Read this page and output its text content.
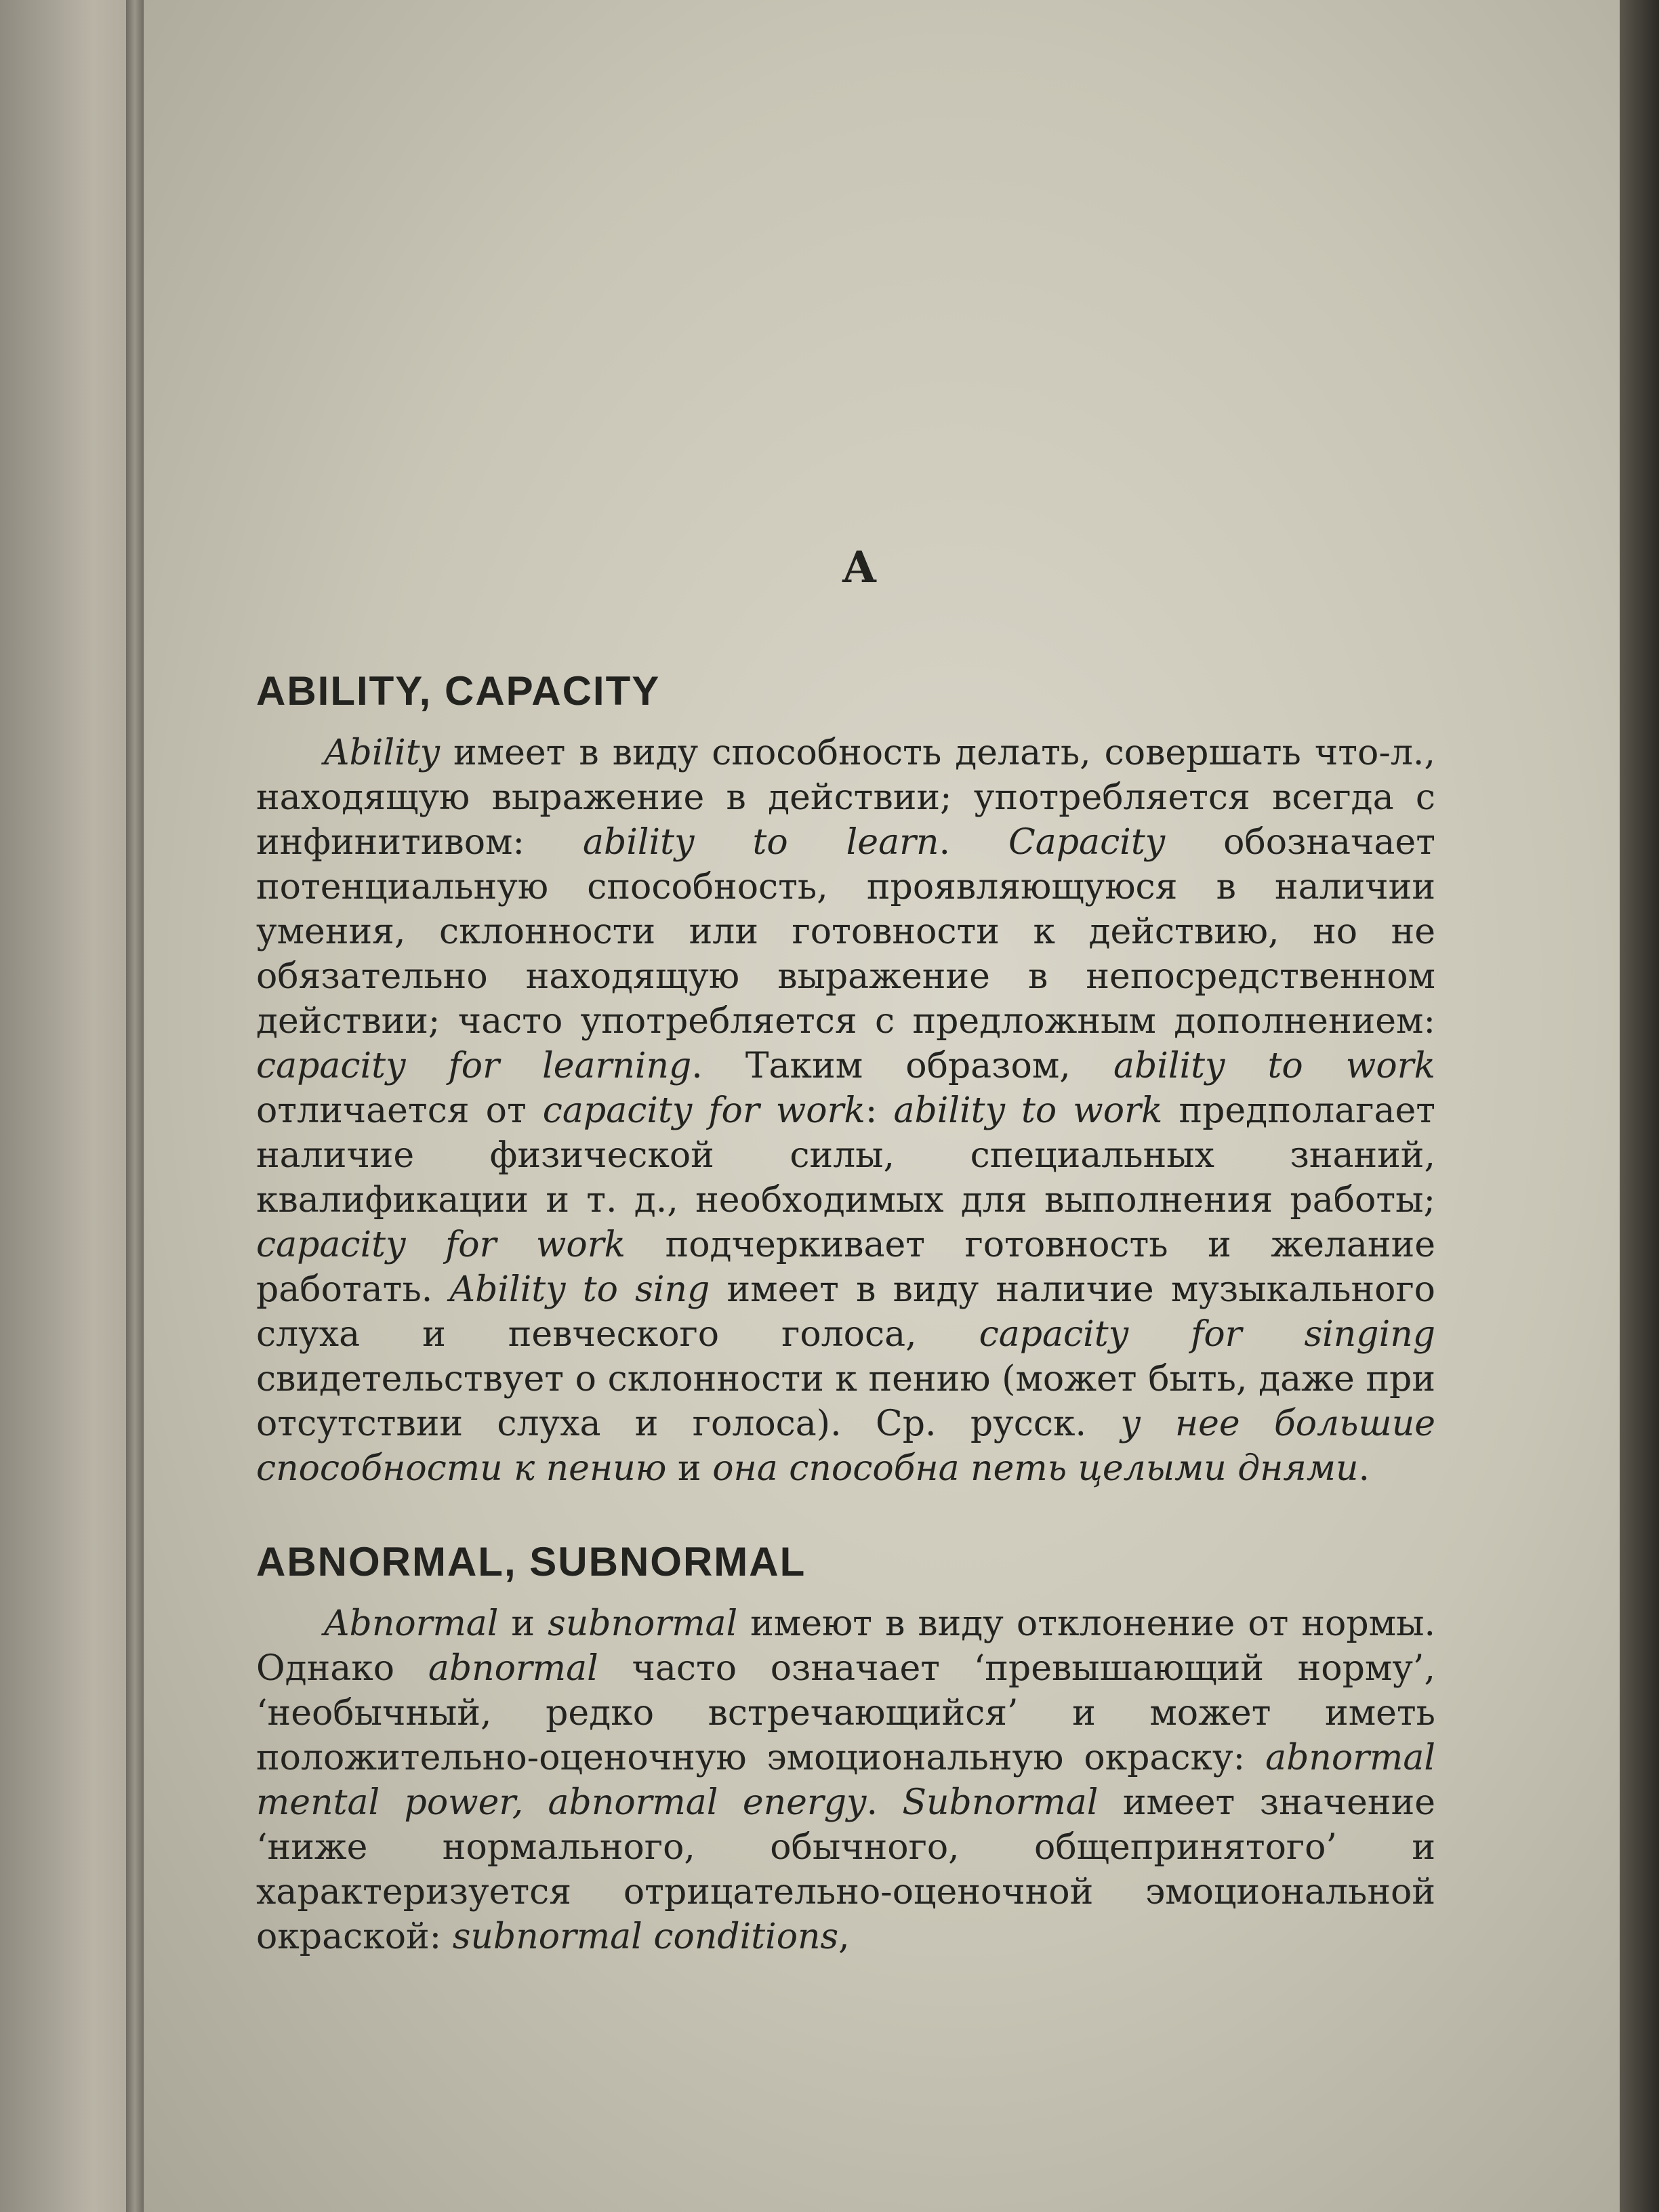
А
ABILITY, CAPACITY

Ability имеет в виду способность делать, совершать что-л., находящую выражение в действии; употребляется всегда с инфинитивом: ability to learn. Capacity обозначает потенциальную способность, проявляющуюся в наличии умения, склонности или готовности к действию, но не обязательно находящую выражение в непосредственном действии; часто употребляется с предложным дополнением: capacity for learning. Таким образом, ability to work отличается от capacity for work: ability to work предполагает наличие физической силы, специальных знаний, квалификации и т. д., необходимых для выполнения работы; capacity for work подчеркивает готовность и желание работать. Ability to sing имеет в виду наличие музыкального слуха и певческого голоса, capacity for singing свидетельствует о склонности к пению (может быть, даже при отсутствии слуха и голоса). Ср. русск. у нее большие способности к пению и она способна петь целыми днями.

ABNORMAL, SUBNORMAL

Abnormal и subnormal имеют в виду отклонение от нормы. Однако abnormal часто означает ‘превышающий норму’, ‘необычный, редко встречающийся’ и может иметь положительно-оценочную эмоциональную окраску: abnormal mental power, abnormal energy. Subnormal имеет значение ‘ниже нормального, обычного, общепринятого’ и характеризуется отрицательно-оценочной эмоциональной окраской: subnormal conditions,
